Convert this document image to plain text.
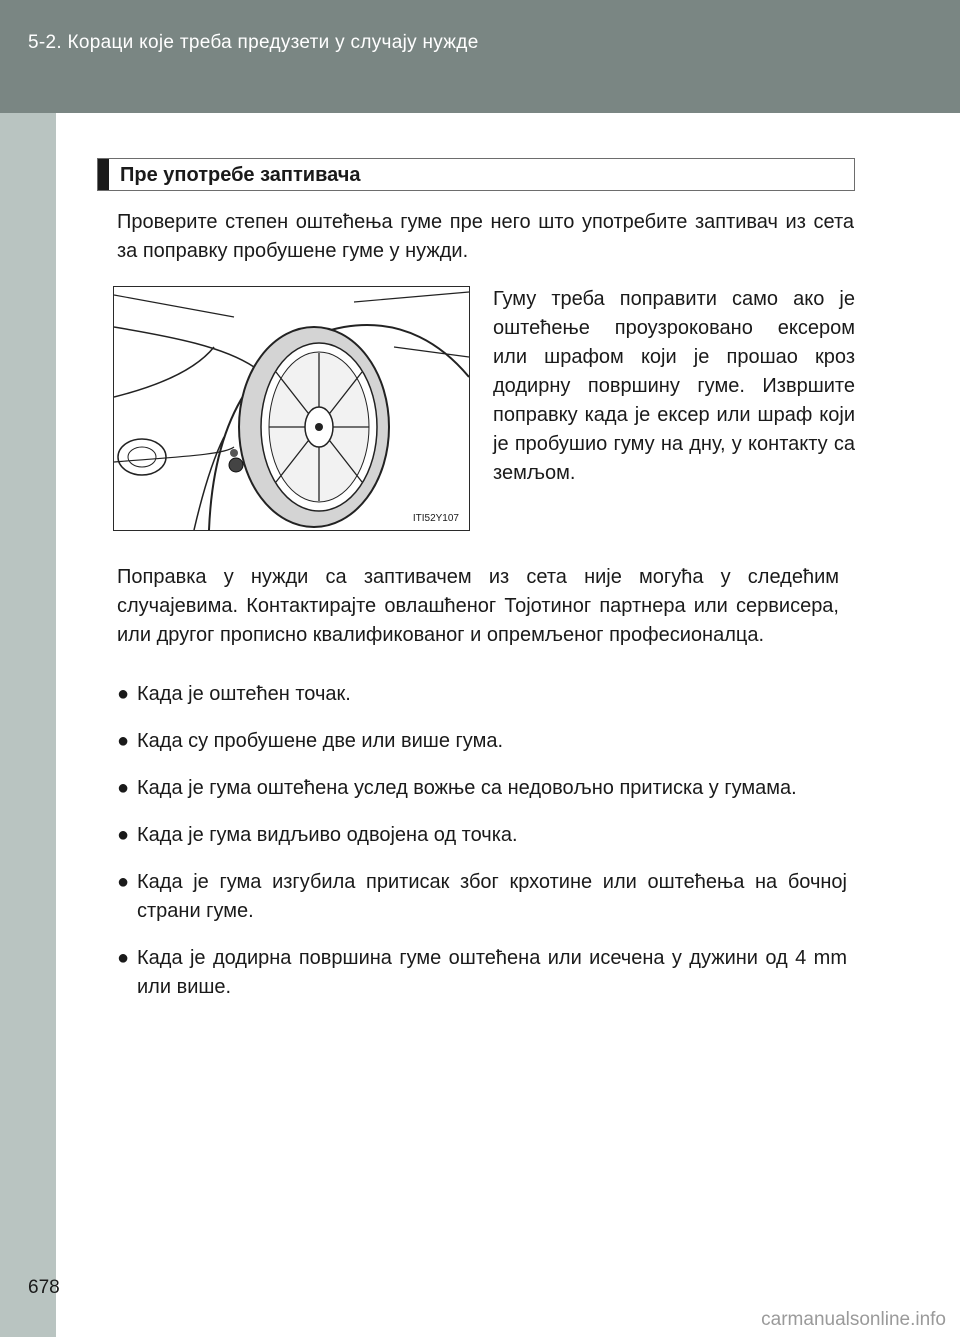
5-2. Кораци које треба предузети у случају нужде
Пре употребе заптивача

Проверите степен оштећења гуме пре него што употребите заптивач из сета за поправку пробушене гуме у нужди.

ITI52Y107

Гуму треба поправити само ако је оштећење проузроковано ексером или шрафом који је прошао кроз додирну површину гуме. Извршите поправку када је ексер или шраф који је пробушио гуму на дну, у контакту са земљом.

Поправка у нужди са заптивачем из сета није могућа у следећим случајевима. Контактирајте овлашћеног Тојотиног партнера или сервисера, или другог прописно квалификованог и опремљеног професионалца.

● Када је оштећен точак.
● Када су пробушене две или више гума.
● Када је гума оштећена услед вожње са недовољно притиска у гумама.
● Када је гума видљиво одвојена од точка.
● Када је гума изгубила притисак због крхотине или оштећења на бочној страни гуме.
● Када је додирна површина гуме оштећена или исечена у дужини од 4 mm или више.
678
carmanualsonline.info
